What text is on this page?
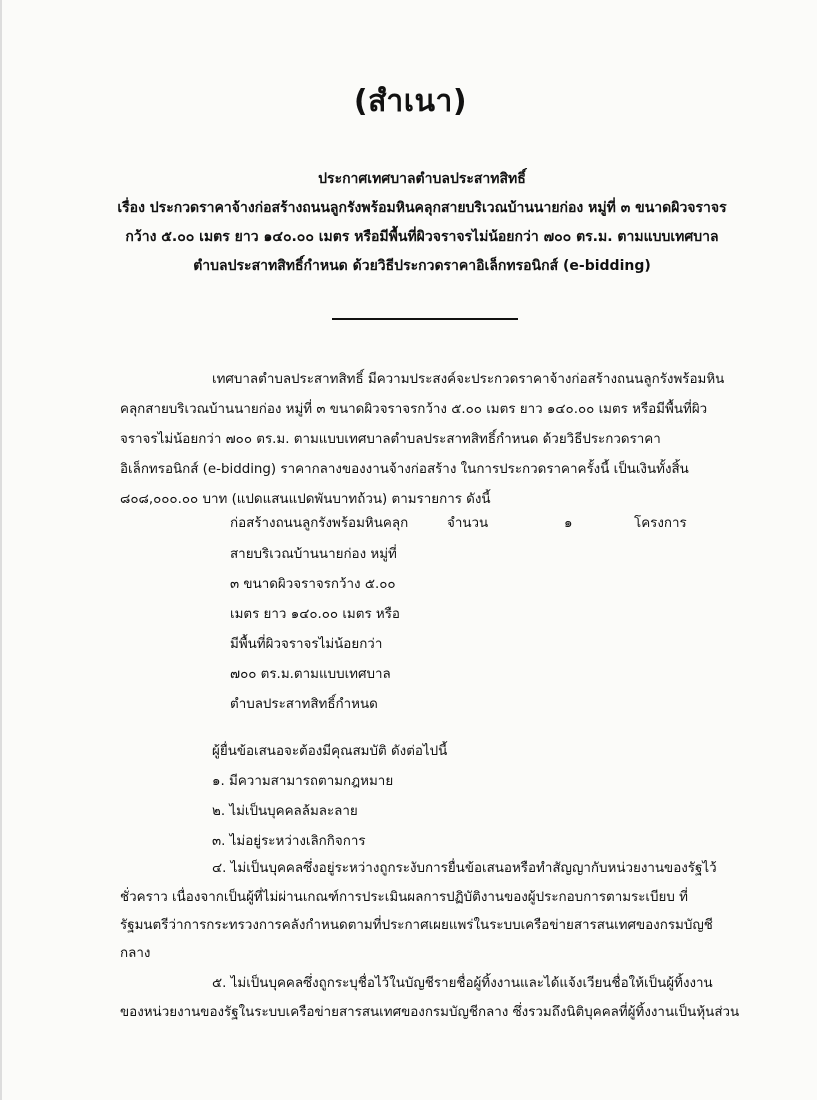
(สำเนา)
ประกาศเทศบาลตำบลประสาทสิทธิ์
เรื่อง ประกวดราคาจ้างก่อสร้างถนนลูกรังพร้อมหินคลุกสายบริเวณบ้านนายก่อง หมู่ที่ ๓ ขนาดผิวจราจร
กว้าง ๕.๐๐ เมตร ยาว ๑๔๐.๐๐ เมตร หรือมีพื้นที่ผิวจราจรไม่น้อยกว่า ๗๐๐ ตร.ม. ตามแบบเทศบาล
ตำบลประสาทสิทธิ์กำหนด ด้วยวิธีประกวดราคาอิเล็กทรอนิกส์ (e-bidding)
เทศบาลตำบลประสาทสิทธิ์ มีความประสงค์จะประกวดราคาจ้างก่อสร้างถนนลูกรังพร้อมหิน
คลุกสายบริเวณบ้านนายก่อง หมู่ที่ ๓ ขนาดผิวจราจรกว้าง ๕.๐๐ เมตร ยาว ๑๔๐.๐๐ เมตร หรือมีพื้นที่ผิว
จราจรไม่น้อยกว่า ๗๐๐ ตร.ม. ตามแบบเทศบาลตำบลประสาทสิทธิ์กำหนด ด้วยวิธีประกวดราคา
อิเล็กทรอนิกส์ (e-bidding) ราคากลางของงานจ้างก่อสร้าง ในการประกวดราคาครั้งนี้ เป็นเงินทั้งสิ้น
๘๐๘,๐๐๐.๐๐ บาท (แปดแสนแปดพันบาทถ้วน) ตามรายการ ดังนี้
ก่อสร้างถนนลูกรังพร้อมหินคลุก	จำนวน	๑	โครงการ
สายบริเวณบ้านนายก่อง หมู่ที่
๓ ขนาดผิวจราจรกว้าง ๕.๐๐
เมตร ยาว ๑๔๐.๐๐ เมตร หรือ
มีพื้นที่ผิวจราจรไม่น้อยกว่า
๗๐๐ ตร.ม.ตามแบบเทศบาล
ตำบลประสาทสิทธิ์กำหนด
ผู้ยื่นข้อเสนอจะต้องมีคุณสมบัติ ดังต่อไปนี้
๑. มีความสามารถตามกฎหมาย
๒. ไม่เป็นบุคคลล้มละลาย
๓. ไม่อยู่ระหว่างเลิกกิจการ
๔. ไม่เป็นบุคคลซึ่งอยู่ระหว่างถูกระงับการยื่นข้อเสนอหรือทำสัญญากับหน่วยงานของรัฐไว้
ชั่วคราว เนื่องจากเป็นผู้ที่ไม่ผ่านเกณฑ์การประเมินผลการปฏิบัติงานของผู้ประกอบการตามระเบียบ ที่
รัฐมนตรีว่าการกระทรวงการคลังกำหนดตามที่ประกาศเผยแพร่ในระบบเครือข่ายสารสนเทศของกรมบัญชี
กลาง
๕. ไม่เป็นบุคคลซึ่งถูกระบุชื่อไว้ในบัญชีรายชื่อผู้ทิ้งงานและได้แจ้งเวียนชื่อให้เป็นผู้ทิ้งงาน
ของหน่วยงานของรัฐในระบบเครือข่ายสารสนเทศของกรมบัญชีกลาง ซึ่งรวมถึงนิติบุคคลที่ผู้ทิ้งงานเป็นหุ้นส่วน
